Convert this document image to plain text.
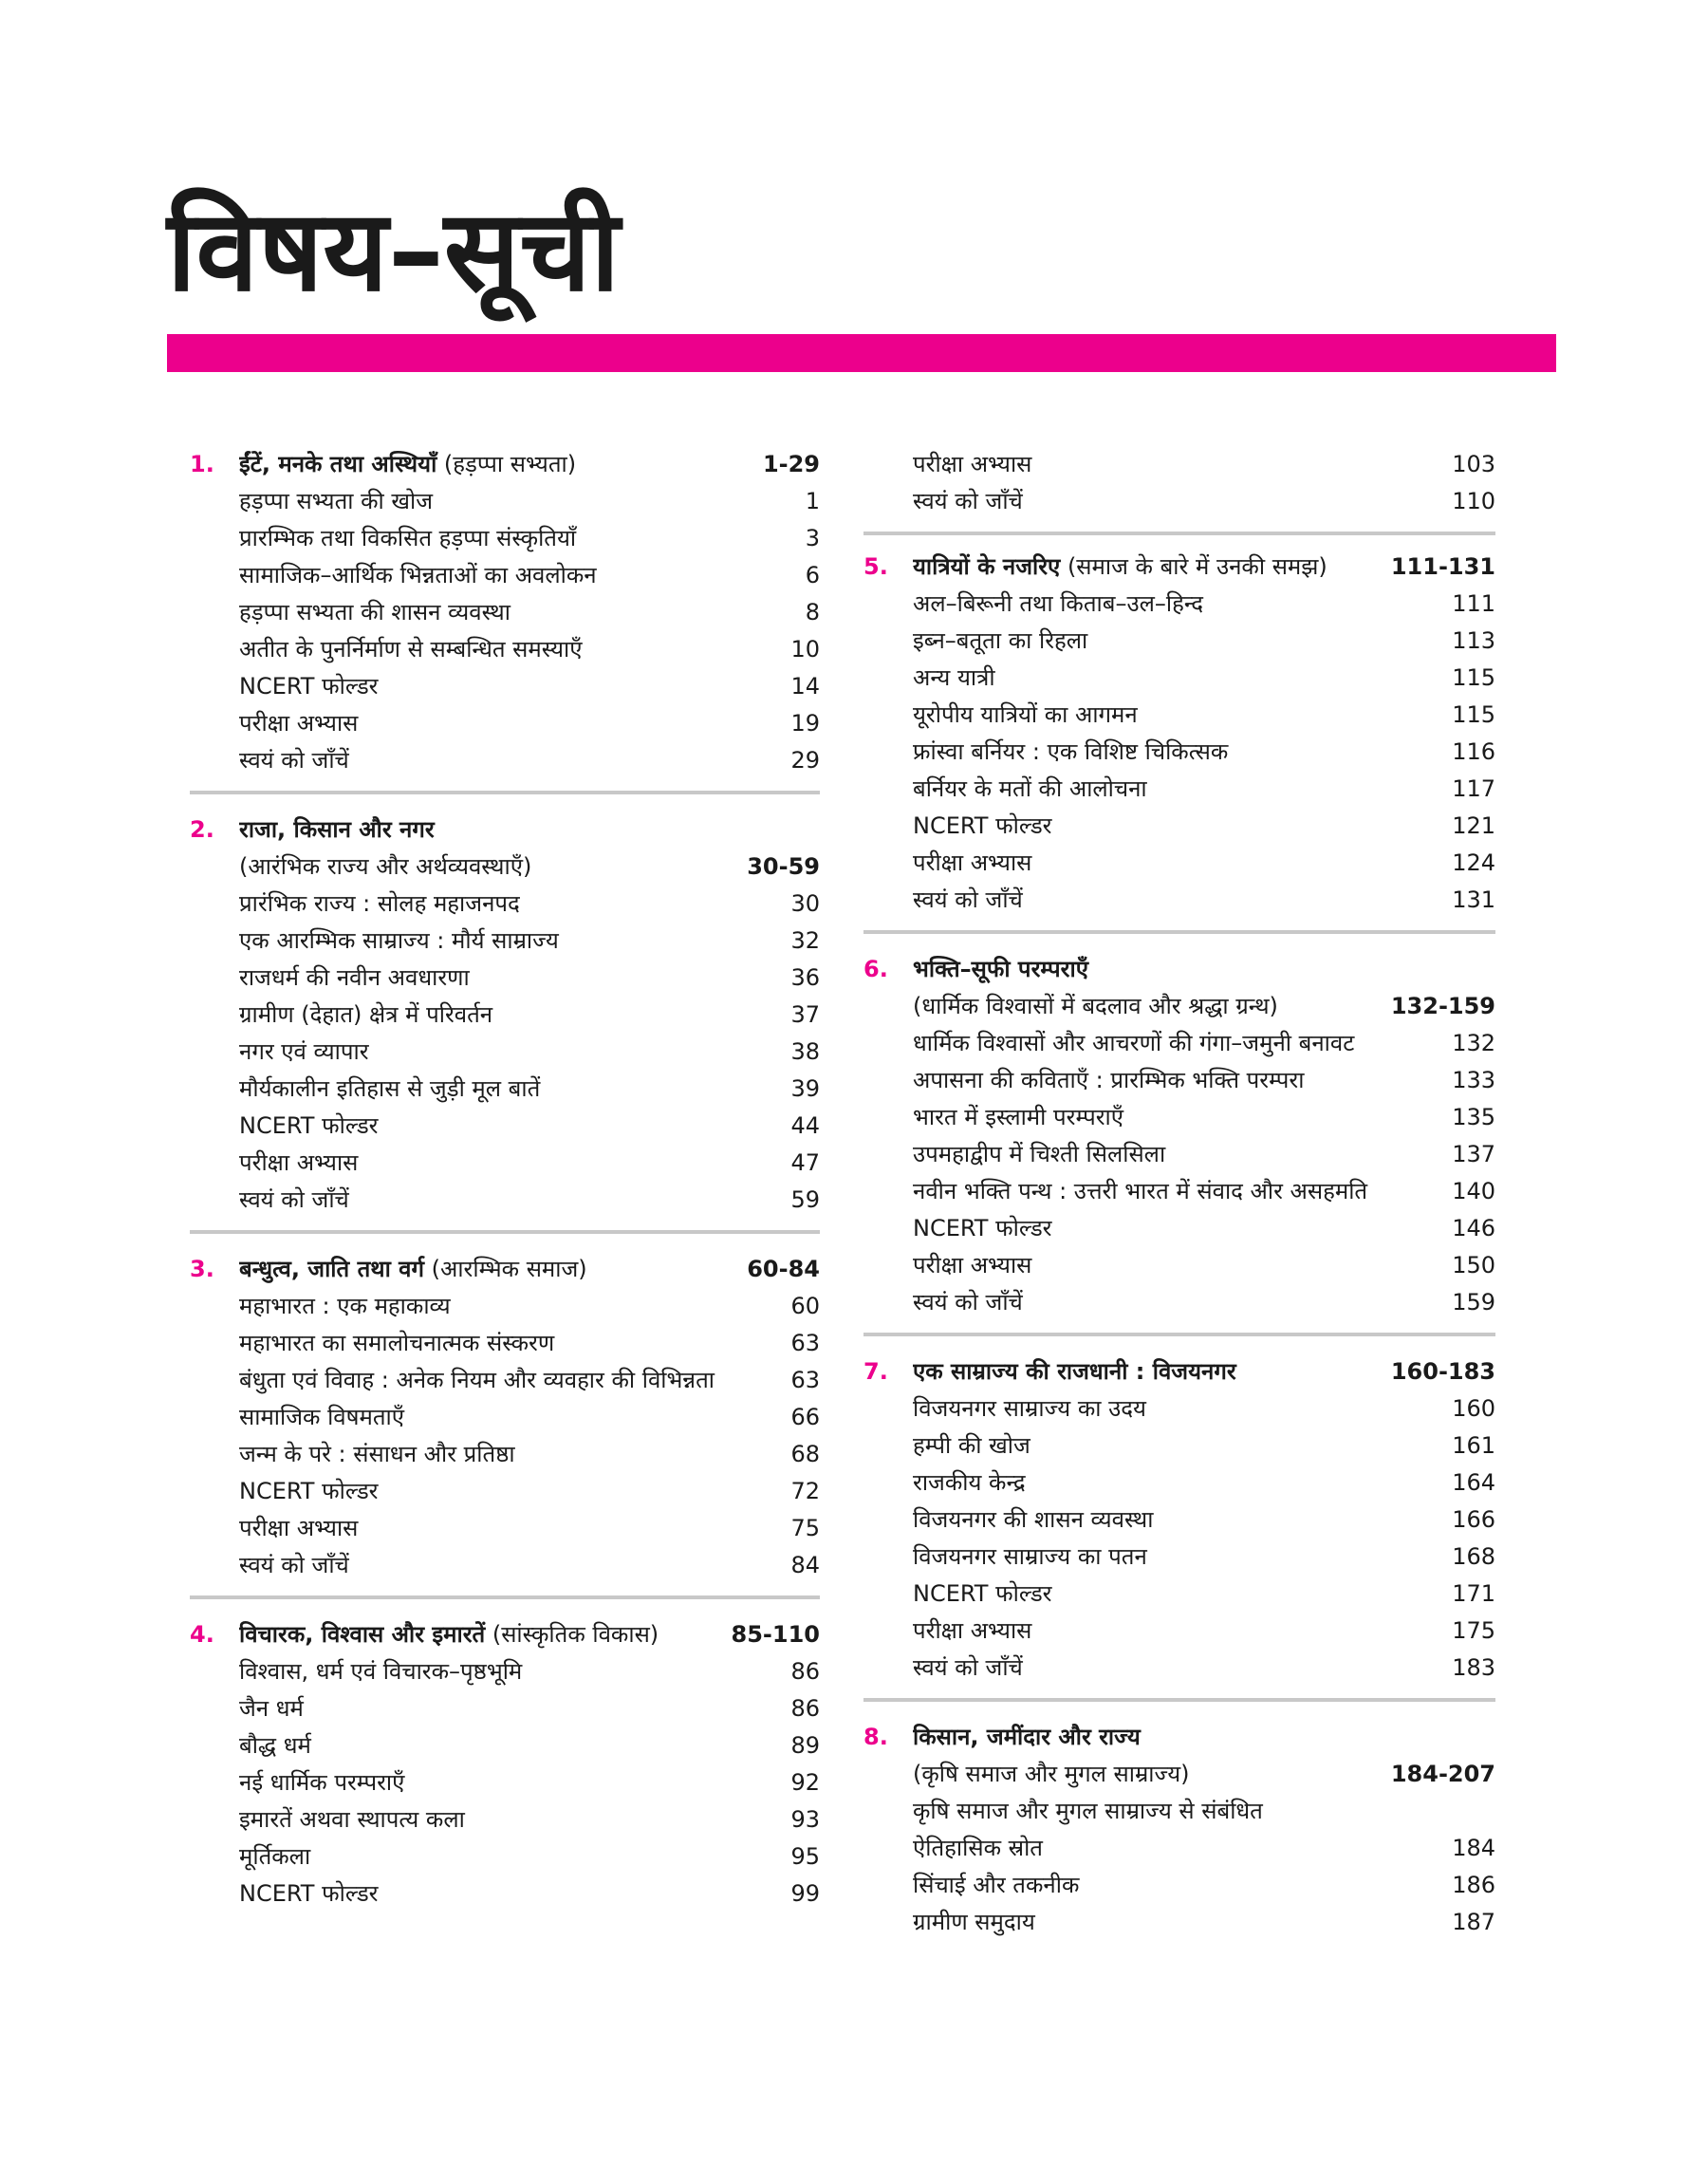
विषय–सूची
1. ईंटें, मनके तथा अस्थियाँ (हड़प्पा सभ्यता)	1-29
हड़प्पा सभ्यता की खोज	1
प्रारम्भिक तथा विकसित हड़प्पा संस्कृतियाँ	3
सामाजिक–आर्थिक भिन्नताओं का अवलोकन	6
हड़प्पा सभ्यता की शासन व्यवस्था	8
अतीत के पुनर्निर्माण से सम्बन्धित समस्याएँ	10
NCERT फोल्डर	14
परीक्षा अभ्यास	19
स्वयं को जाँचें	29
2. राजा, किसान और नगर
(आरंभिक राज्य और अर्थव्यवस्थाएँ)	30-59
प्रारंभिक राज्य : सोलह महाजनपद	30
एक आरम्भिक साम्राज्य : मौर्य साम्राज्य	32
राजधर्म की नवीन अवधारणा	36
ग्रामीण (देहात) क्षेत्र में परिवर्तन	37
नगर एवं व्यापार	38
मौर्यकालीन इतिहास से जुड़ी मूल बातें	39
NCERT फोल्डर	44
परीक्षा अभ्यास	47
स्वयं को जाँचें	59
3. बन्धुत्व, जाति तथा वर्ग (आरम्भिक समाज)	60-84
महाभारत : एक महाकाव्य	60
महाभारत का समालोचनात्मक संस्करण	63
बंधुता एवं विवाह : अनेक नियम और व्यवहार की विभिन्नता	63
सामाजिक विषमताएँ	66
जन्म के परे : संसाधन और प्रतिष्ठा	68
NCERT फोल्डर	72
परीक्षा अभ्यास	75
स्वयं को जाँचें	84
4. विचारक, विश्वास और इमारतें (सांस्कृतिक विकास)	85-110
विश्वास, धर्म एवं विचारक–पृष्ठभूमि	86
जैन धर्म	86
बौद्ध धर्म	89
नई धार्मिक परम्पराएँ	92
इमारतें अथवा स्थापत्य कला	93
मूर्तिकला	95
NCERT फोल्डर	99
परीक्षा अभ्यास	103
स्वयं को जाँचें	110
5. यात्रियों के नजरिए (समाज के बारे में उनकी समझ)	111-131
अल–बिरूनी तथा किताब–उल–हिन्द	111
इब्न–बतूता का रिहला	113
अन्य यात्री	115
यूरोपीय यात्रियों का आगमन	115
फ्रांस्वा बर्नियर : एक विशिष्ट चिकित्सक	116
बर्नियर के मतों की आलोचना	117
NCERT फोल्डर	121
परीक्षा अभ्यास	124
स्वयं को जाँचें	131
6. भक्ति–सूफी परम्पराएँ
(धार्मिक विश्वासों में बदलाव और श्रद्धा ग्रन्थ)	132-159
धार्मिक विश्वासों और आचरणों की गंगा–जमुनी बनावट	132
अपासना की कविताएँ : प्रारम्भिक भक्ति परम्परा	133
भारत में इस्लामी परम्पराएँ	135
उपमहाद्वीप में चिश्ती सिलसिला	137
नवीन भक्ति पन्थ : उत्तरी भारत में संवाद और असहमति	140
NCERT फोल्डर	146
परीक्षा अभ्यास	150
स्वयं को जाँचें	159
7. एक साम्राज्य की राजधानी : विजयनगर	160-183
विजयनगर साम्राज्य का उदय	160
हम्पी की खोज	161
राजकीय केन्द्र	164
विजयनगर की शासन व्यवस्था	166
विजयनगर साम्राज्य का पतन	168
NCERT फोल्डर	171
परीक्षा अभ्यास	175
स्वयं को जाँचें	183
8. किसान, जमींदार और राज्य
(कृषि समाज और मुगल साम्राज्य)	184-207
कृषि समाज और मुगल साम्राज्य से संबंधित
ऐतिहासिक स्रोत	184
सिंचाई और तकनीक	186
ग्रामीण समुदाय	187
